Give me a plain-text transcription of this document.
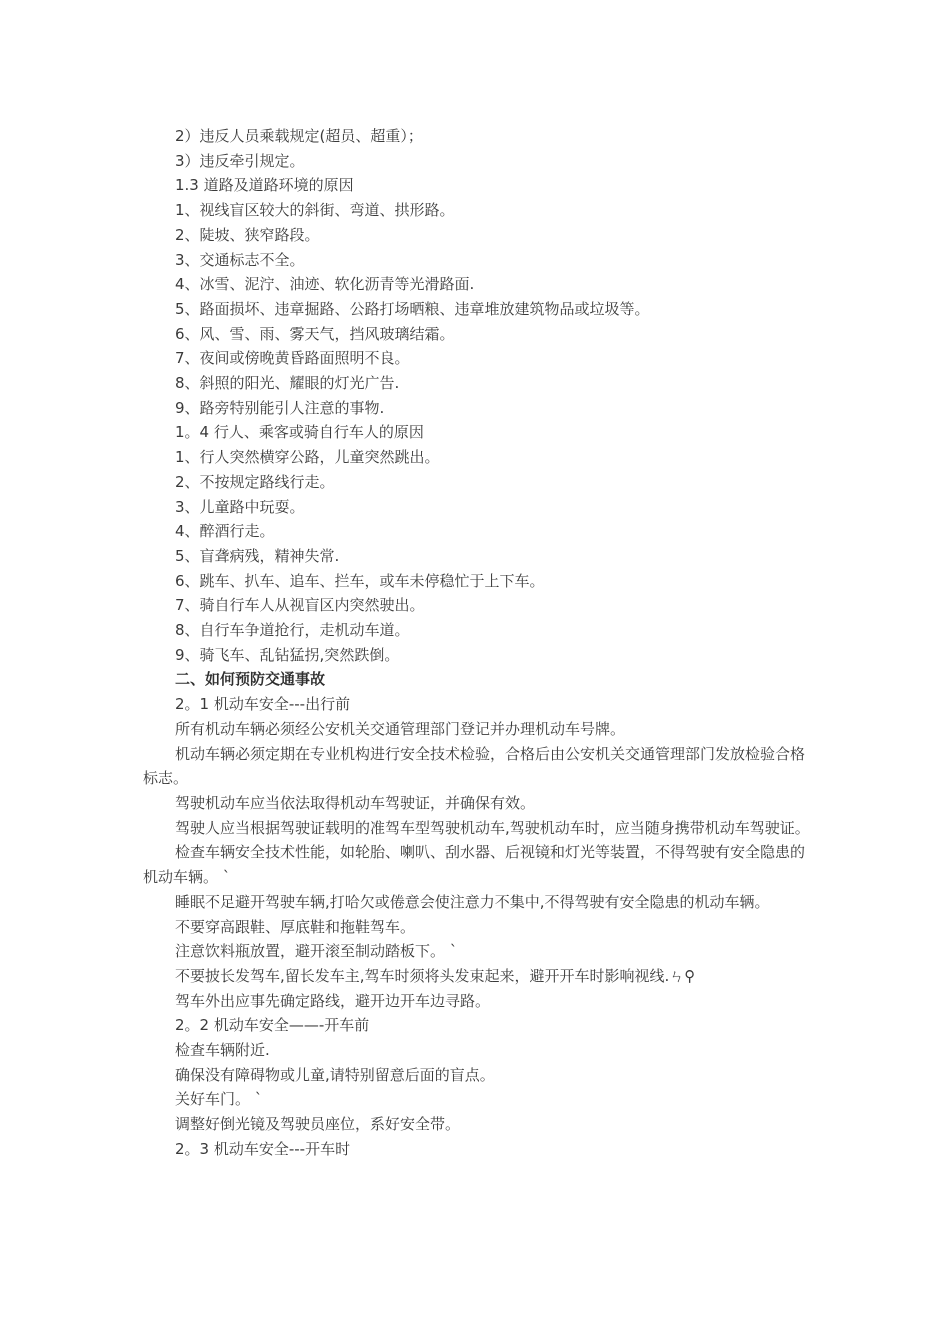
2）违反人员乘载规定(超员、超重）；

3）违反牵引规定。

1.3 道路及道路环境的原因

1、视线盲区较大的斜街、弯道、拱形路。

2、陡坡、狭窄路段。

3、交通标志不全。

4、冰雪、泥泞、油迹、软化沥青等光滑路面.

5、路面损坏、违章掘路、公路打场晒粮、违章堆放建筑物品或垃圾等。

6、风、雪、雨、雾天气，挡风玻璃结霜。

7、夜间或傍晚黄昏路面照明不良。

8、斜照的阳光、耀眼的灯光广告.

9、路旁特别能引人注意的事物.

1。4 行人、乘客或骑自行车人的原因

1、行人突然横穿公路，儿童突然跳出。

2、不按规定路线行走。

3、儿童路中玩耍。

4、醉酒行走。

5、盲聋病残，精神失常.

6、跳车、扒车、追车、拦车，或车未停稳忙于上下车。

7、骑自行车人从视盲区内突然驶出。

8、自行车争道抢行，走机动车道。

9、骑飞车、乱钻猛拐,突然跌倒。

二、如何预防交通事故

2。1 机动车安全---出行前

所有机动车辆必须经公安机关交通管理部门登记并办理机动车号牌。

机动车辆必须定期在专业机构进行安全技术检验，合格后由公安机关交通管理部门发放检验合格标志。

驾驶机动车应当依法取得机动车驾驶证，并确保有效。

驾驶人应当根据驾驶证载明的准驾车型驾驶机动车,驾驶机动车时，应当随身携带机动车驾驶证。

检查车辆安全技术性能，如轮胎、喇叭、刮水器、后视镜和灯光等装置，不得驾驶有安全隐患的机动车辆。 `

睡眠不足避开驾驶车辆,打哈欠或倦意会使注意力不集中,不得驾驶有安全隐患的机动车辆。

不要穿高跟鞋、厚底鞋和拖鞋驾车。

注意饮料瓶放置，避开滚至制动踏板下。 `

不要披长发驾车,留长发车主,驾车时须将头发束起来，避开开车时影响视线.ㄣ⚲

驾车外出应事先确定路线，避开边开车边寻路。

2。2 机动车安全——-开车前

检查车辆附近.

确保没有障碍物或儿童,请特别留意后面的盲点。

关好车门。 `

调整好倒光镜及驾驶员座位，系好安全带。

2。3 机动车安全---开车时
